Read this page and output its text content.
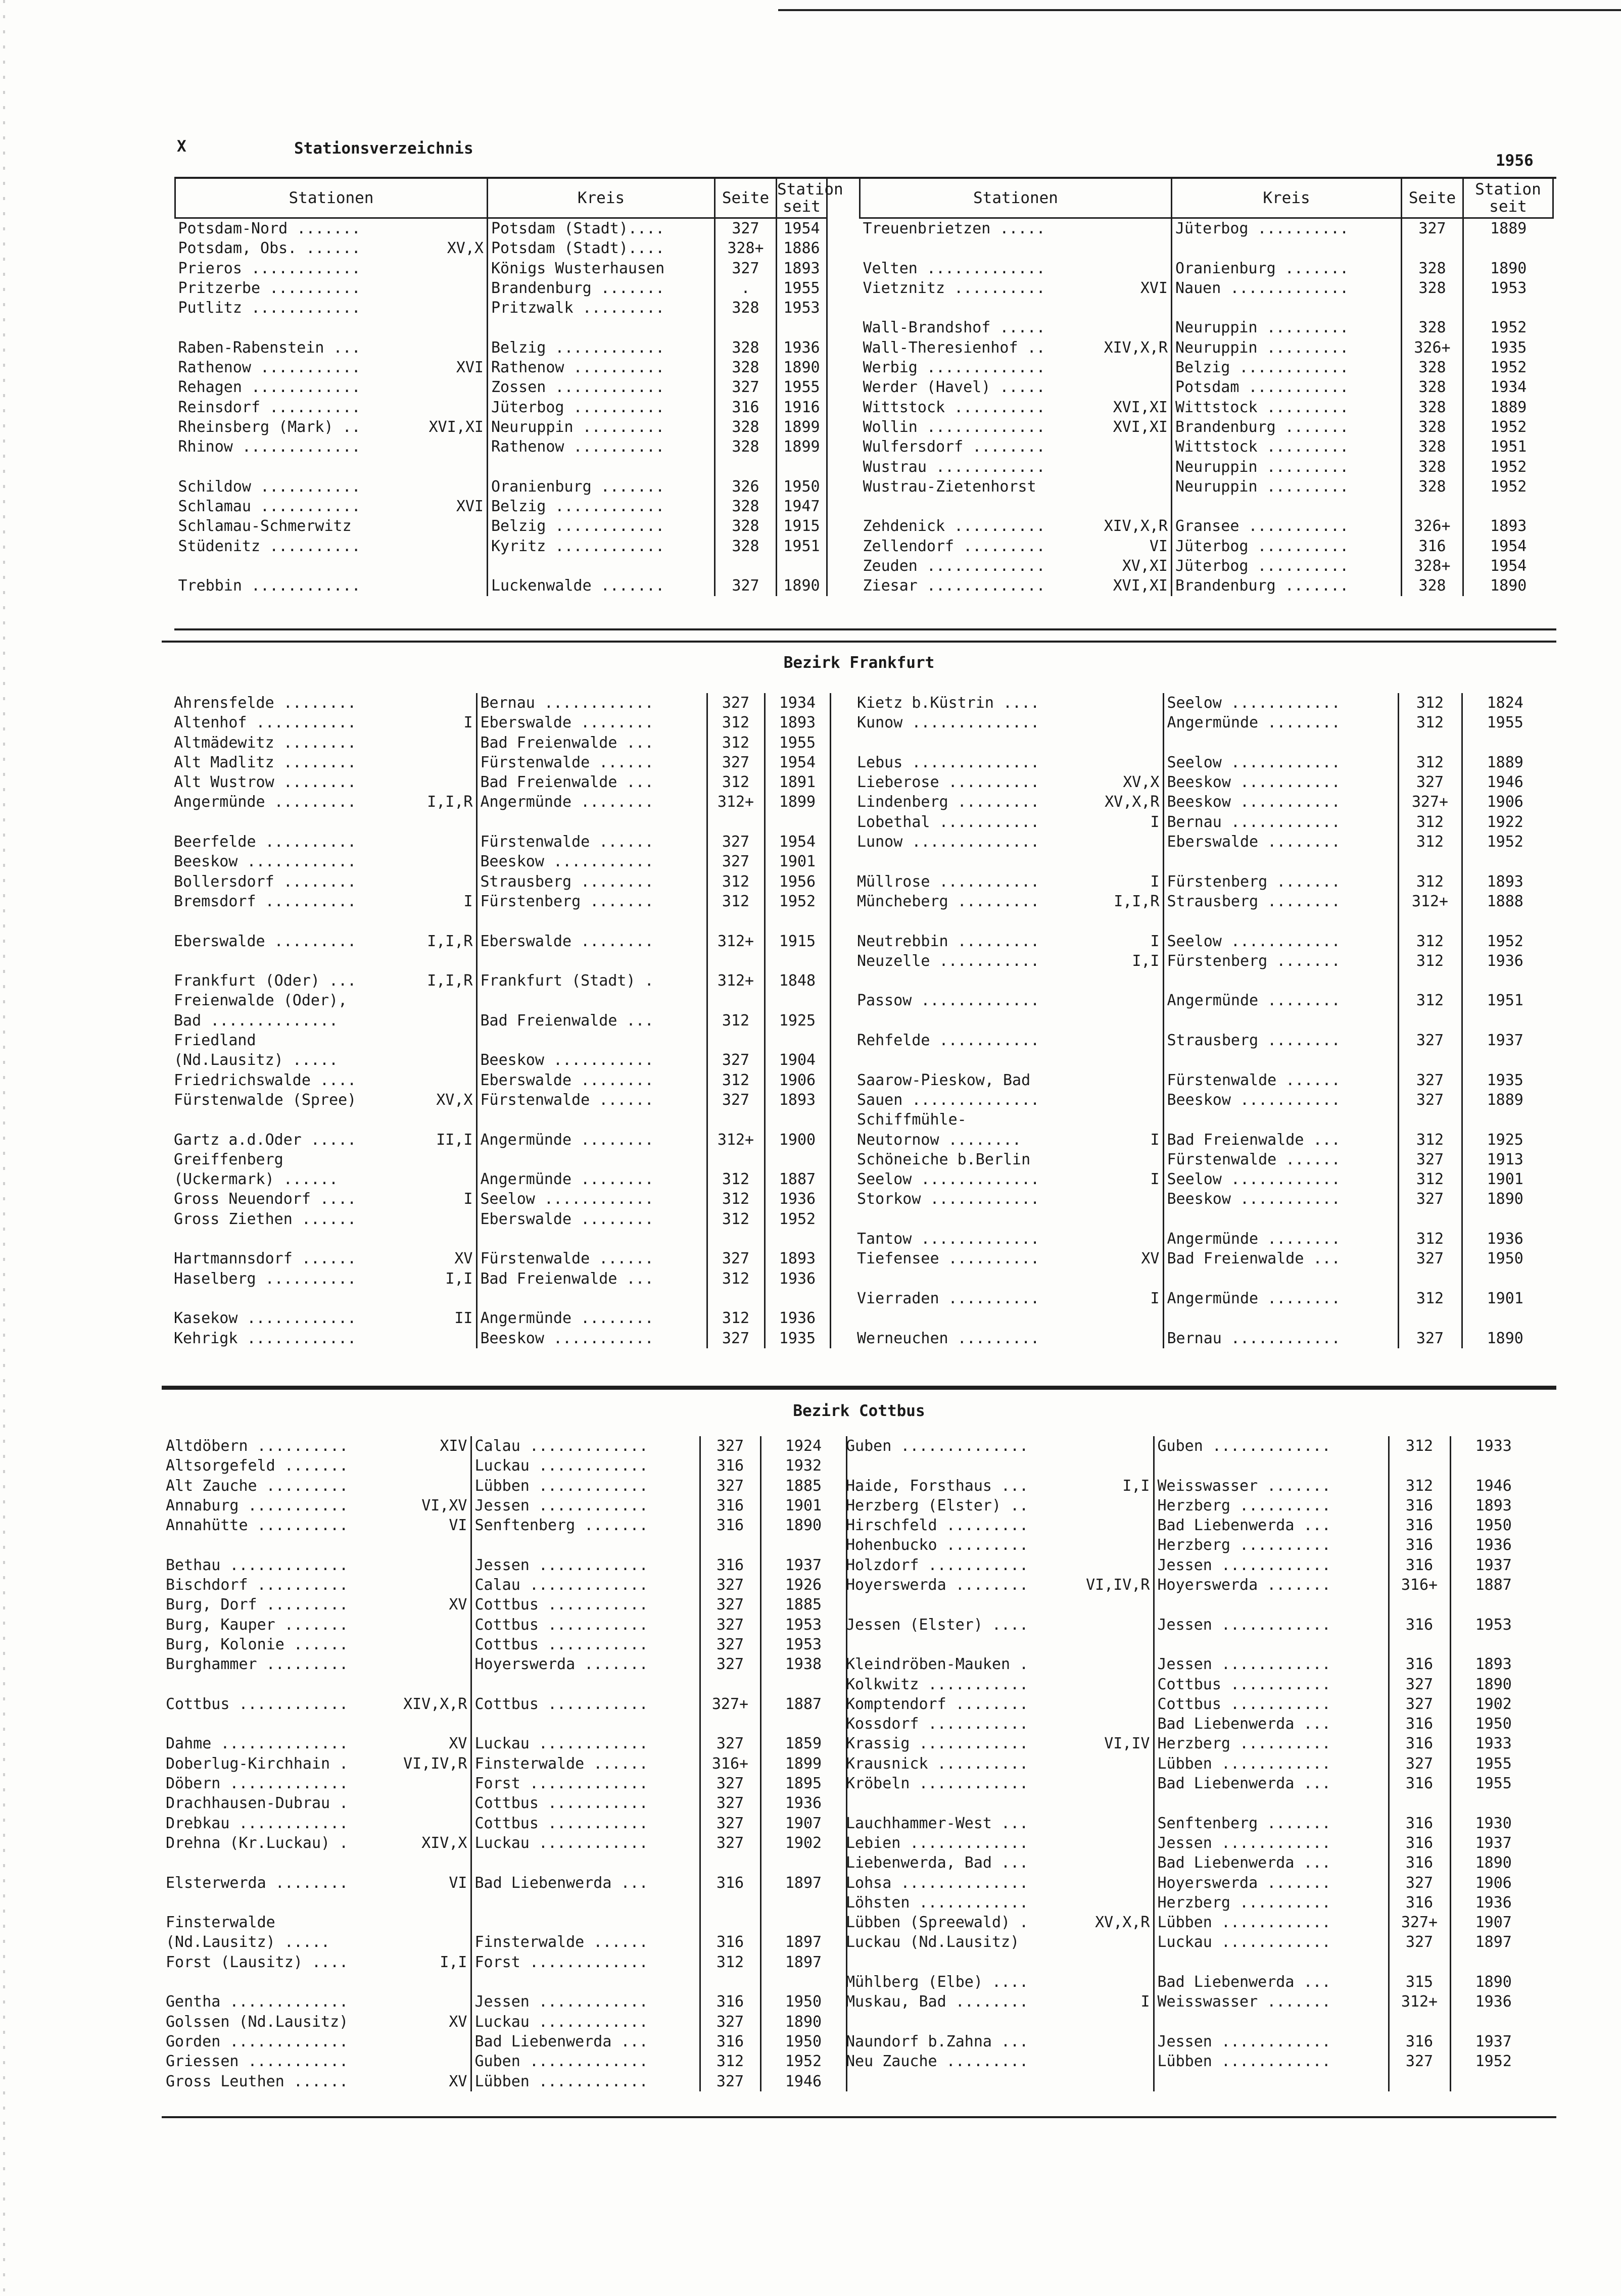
X	Stationsverzeichnis
1956
Bezirk Frankfurt
Bezirk Cottbus
Stationen	Kreis	Seite	Station seit

Potsdam-Nord .......	Potsdam (Stadt)....	327	1954

Potsdam, Obs. ...... XV,X	Potsdam (Stadt)....	328+	1886

Prieros ............	Königs Wusterhausen	327	1893

Pritzerbe ..........	Brandenburg .......	.	1955

Putlitz ............	Pritzwalk .........	328	1953

Raben-Rabenstein ...	Belzig ............	328	1936

Rathenow ........... XVI	Rathenow ..........	328	1890

Rehagen ............	Zossen ............	327	1955

Reinsdorf ..........	Jüterbog ..........	316	1916

Rheinsberg (Mark) .. XVI,XI	Neuruppin .........	328	1899

Rhinow .............	Rathenow ..........	328	1899

Schildow ...........	Oranienburg .......	326	1950

Schlamau ........... XVI	Belzig ............	328	1947

Schlamau-Schmerwitz	Belzig ............	328	1915

Stüdenitz ..........	Kyritz ............	328	1951

Trebbin ............	Luckenwalde .......	327	1890
Stationen	Kreis	Seite	Station seit

Treuenbrietzen .....	Jüterbog ..........	327	1889

Velten .............	Oranienburg .......	328	1890

Vietznitz .......... XVI	Nauen .............	328	1953

Wall-Brandshof .....	Neuruppin .........	328	1952

Wall-Theresienhof .. XIV,X,R	Neuruppin .........	326+	1935

Werbig .............	Belzig ............	328	1952

Werder (Havel) .....	Potsdam ...........	328	1934

Wittstock .......... XVI,XI	Wittstock .........	328	1889

Wollin ............. XVI,XI	Brandenburg .......	328	1952

Wulfersdorf ........	Wittstock .........	328	1951

Wustrau ............	Neuruppin .........	328	1952

Wustrau-Zietenhorst	Neuruppin .........	328	1952

Zehdenick .......... XIV,X,R	Gransee ...........	326+	1893

Zellendorf ......... VI	Jüterbog ..........	316	1954

Zeuden ............. XV,XI	Jüterbog ..........	328+	1954

Ziesar ............. XVI,XI	Brandenburg .......	328	1890
Ahrensfelde ........	Bernau ............	327	1934

Altenhof ........... I	Eberswalde ........	312	1893

Altmädewitz ........	Bad Freienwalde ...	312	1955

Alt Madlitz ........	Fürstenwalde ......	327	1954

Alt Wustrow ........	Bad Freienwalde ...	312	1891

Angermünde ......... I,I,R	Angermünde ........	312+	1899

Beerfelde ..........	Fürstenwalde ......	327	1954

Beeskow ............	Beeskow ...........	327	1901

Bollersdorf ........	Strausberg ........	312	1956

Bremsdorf .......... I	Fürstenberg .......	312	1952

Eberswalde ......... I,I,R	Eberswalde ........	312+	1915

Frankfurt (Oder) ... I,I,R	Frankfurt (Stadt) .	312+	1848

Freienwalde (Oder),			

Bad ..............	Bad Freienwalde ...	312	1925

Friedland			

(Nd.Lausitz) .....	Beeskow ...........	327	1904

Friedrichswalde ....	Eberswalde ........	312	1906

Fürstenwalde (Spree) XV,X	Fürstenwalde ......	327	1893

Gartz a.d.Oder ..... II,I	Angermünde ........	312+	1900

Greiffenberg			

(Uckermark) ......	Angermünde ........	312	1887

Gross Neuendorf .... I	Seelow ............	312	1936

Gross Ziethen ......	Eberswalde ........	312	1952

Hartmannsdorf ...... XV	Fürstenwalde ......	327	1893

Haselberg .......... I,I	Bad Freienwalde ...	312	1936

Kasekow ............ II	Angermünde ........	312	1936

Kehrigk ............	Beeskow ...........	327	1935
Kietz b.Küstrin ....	Seelow ............	312	1824

Kunow ..............	Angermünde ........	312	1955

Lebus ..............	Seelow ............	312	1889

Lieberose .......... XV,X	Beeskow ...........	327	1946

Lindenberg ......... XV,X,R	Beeskow ...........	327+	1906

Lobethal ........... I	Bernau ............	312	1922

Lunow ..............	Eberswalde ........	312	1952

Müllrose ........... I	Fürstenberg .......	312	1893

Müncheberg ......... I,I,R	Strausberg ........	312+	1888

Neutrebbin ......... I	Seelow ............	312	1952

Neuzelle ........... I,I	Fürstenberg .......	312	1936

Passow .............	Angermünde ........	312	1951

Rehfelde ...........	Strausberg ........	327	1937

Saarow-Pieskow, Bad	Fürstenwalde ......	327	1935

Sauen ..............	Beeskow ...........	327	1889

Schiffmühle-			

Neutornow ........ I	Bad Freienwalde ...	312	1925

Schöneiche b.Berlin	Fürstenwalde ......	327	1913

Seelow ............. I	Seelow ............	312	1901

Storkow ............	Beeskow ...........	327	1890

Tantow .............	Angermünde ........	312	1936

Tiefensee .......... XV	Bad Freienwalde ...	327	1950

Vierraden .......... I	Angermünde ........	312	1901

Werneuchen .........	Bernau ............	327	1890
Altdöbern .......... XIV	Calau .............	327	1924

Altsorgefeld .......	Luckau ............	316	1932

Alt Zauche .........	Lübben ............	327	1885

Annaburg ........... VI,XV	Jessen ............	316	1901

Annahütte .......... VI	Senftenberg .......	316	1890

Bethau .............	Jessen ............	316	1937

Bischdorf ..........	Calau .............	327	1926

Burg, Dorf ......... XV	Cottbus ...........	327	1885

Burg, Kauper .......	Cottbus ...........	327	1953

Burg, Kolonie ......	Cottbus ...........	327	1953

Burghammer .........	Hoyerswerda .......	327	1938

Cottbus ............ XIV,X,R	Cottbus ...........	327+	1887

Dahme .............. XV	Luckau ............	327	1859

Doberlug-Kirchhain . VI,IV,R	Finsterwalde ......	316+	1899

Döbern .............	Forst .............	327	1895

Drachhausen-Dubrau .	Cottbus ...........	327	1936

Drebkau ............	Cottbus ...........	327	1907

Drehna (Kr.Luckau) . XIV,X	Luckau ............	327	1902

Elsterwerda ........ VI	Bad Liebenwerda ...	316	1897

Finsterwalde			

(Nd.Lausitz) .....	Finsterwalde ......	316	1897

Forst (Lausitz) .... I,I	Forst .............	312	1897

Gentha .............	Jessen ............	316	1950

Golssen (Nd.Lausitz) XV	Luckau ............	327	1890

Gorden .............	Bad Liebenwerda ...	316	1950

Griessen ...........	Guben .............	312	1952

Gross Leuthen ...... XV	Lübben ............	327	1946
Guben ..............	Guben .............	312	1933

Haide, Forsthaus ... I,I	Weisswasser .......	312	1946

Herzberg (Elster) ..	Herzberg ..........	316	1893

Hirschfeld .........	Bad Liebenwerda ...	316	1950

Hohenbucko .........	Herzberg ..........	316	1936

Holzdorf ...........	Jessen ............	316	1937

Hoyerswerda ........ VI,IV,R	Hoyerswerda .......	316+	1887

Jessen (Elster) ....	Jessen ............	316	1953

Kleindröben-Mauken .	Jessen ............	316	1893

Kolkwitz ...........	Cottbus ...........	327	1890

Komptendorf ........	Cottbus ...........	327	1902

Kossdorf ...........	Bad Liebenwerda ...	316	1950

Krassig ............ VI,IV	Herzberg ..........	316	1933

Krausnick ..........	Lübben ............	327	1955

Kröbeln ............	Bad Liebenwerda ...	316	1955

Lauchhammer-West ...	Senftenberg .......	316	1930

Lebien .............	Jessen ............	316	1937

Liebenwerda, Bad ...	Bad Liebenwerda ...	316	1890

Lohsa ..............	Hoyerswerda .......	327	1906

Löhsten ............	Herzberg ..........	316	1936

Lübben (Spreewald) . XV,X,R	Lübben ............	327+	1907

Luckau (Nd.Lausitz)	Luckau ............	327	1897

Mühlberg (Elbe) ....	Bad Liebenwerda ...	315	1890

Muskau, Bad ........ I	Weisswasser .......	312+	1936

Naundorf b.Zahna ...	Jessen ............	316	1937

Neu Zauche .........	Lübben ............	327	1952
